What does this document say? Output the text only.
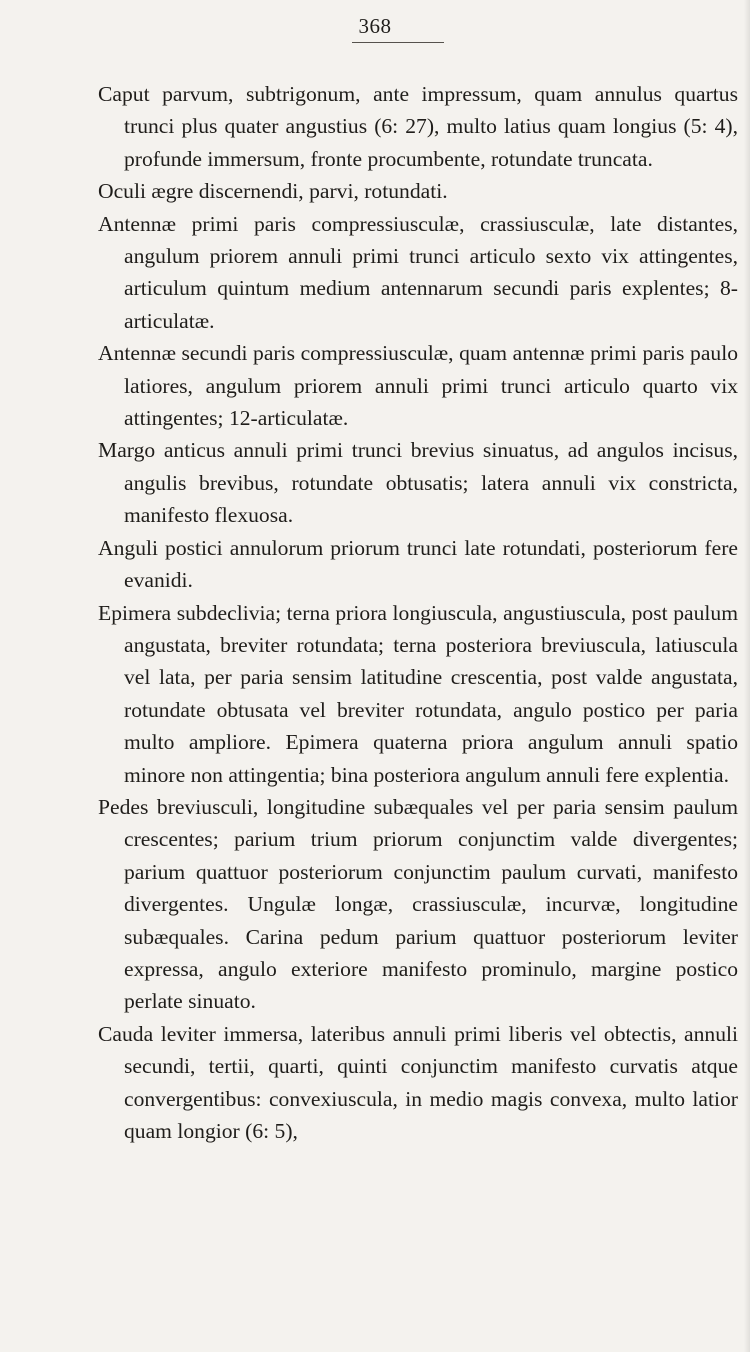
368

Caput parvum, subtrigonum, ante impressum, quam annulus quartus trunci plus quater angustius (6: 27), multo latius quam longius (5: 4), profunde immersum, fronte procumbente, rotundate truncata.

Oculi ægre discernendi, parvi, rotundati.

Antennæ primi paris compressiusculæ, crassiusculæ, late distantes, angulum priorem annuli primi trunci articulo sexto vix attingentes, articulum quintum medium antennarum secundi paris explentes; 8-articulatæ.

Antennæ secundi paris compressiusculæ, quam antennæ primi paris paulo latiores, angulum priorem annuli primi trunci articulo quarto vix attingentes; 12-articulatæ.

Margo anticus annuli primi trunci brevius sinuatus, ad angulos incisus, angulis brevibus, rotundate obtusatis; latera annuli vix constricta, manifesto flexuosa.

Anguli postici annulorum priorum trunci late rotundati, posteriorum fere evanidi.

Epimera subdeclivia; terna priora longiuscula, angustiuscula, post paulum angustata, breviter rotundata; terna posteriora breviuscula, latiuscula vel lata, per paria sensim latitudine crescentia, post valde angustata, rotundate obtusata vel breviter rotundata, angulo postico per paria multo ampliore. Epimera quaterna priora angulum annuli spatio minore non attingentia; bina posteriora angulum annuli fere explentia.

Pedes breviusculi, longitudine subæquales vel per paria sensim paulum crescentes; parium trium priorum conjunctim valde divergentes; parium quattuor posteriorum conjunctim paulum curvati, manifesto divergentes. Ungulæ longæ, crassiusculæ, incurvæ, longitudine subæquales. Carina pedum parium quattuor posteriorum leviter expressa, angulo exteriore manifesto prominulo, margine postico perlate sinuato.

Cauda leviter immersa, lateribus annuli primi liberis vel obtectis, annuli secundi, tertii, quarti, quinti conjunctim manifesto curvatis atque convergentibus: convexiuscula, in medio magis convexa, multo latior quam longior (6: 5),
